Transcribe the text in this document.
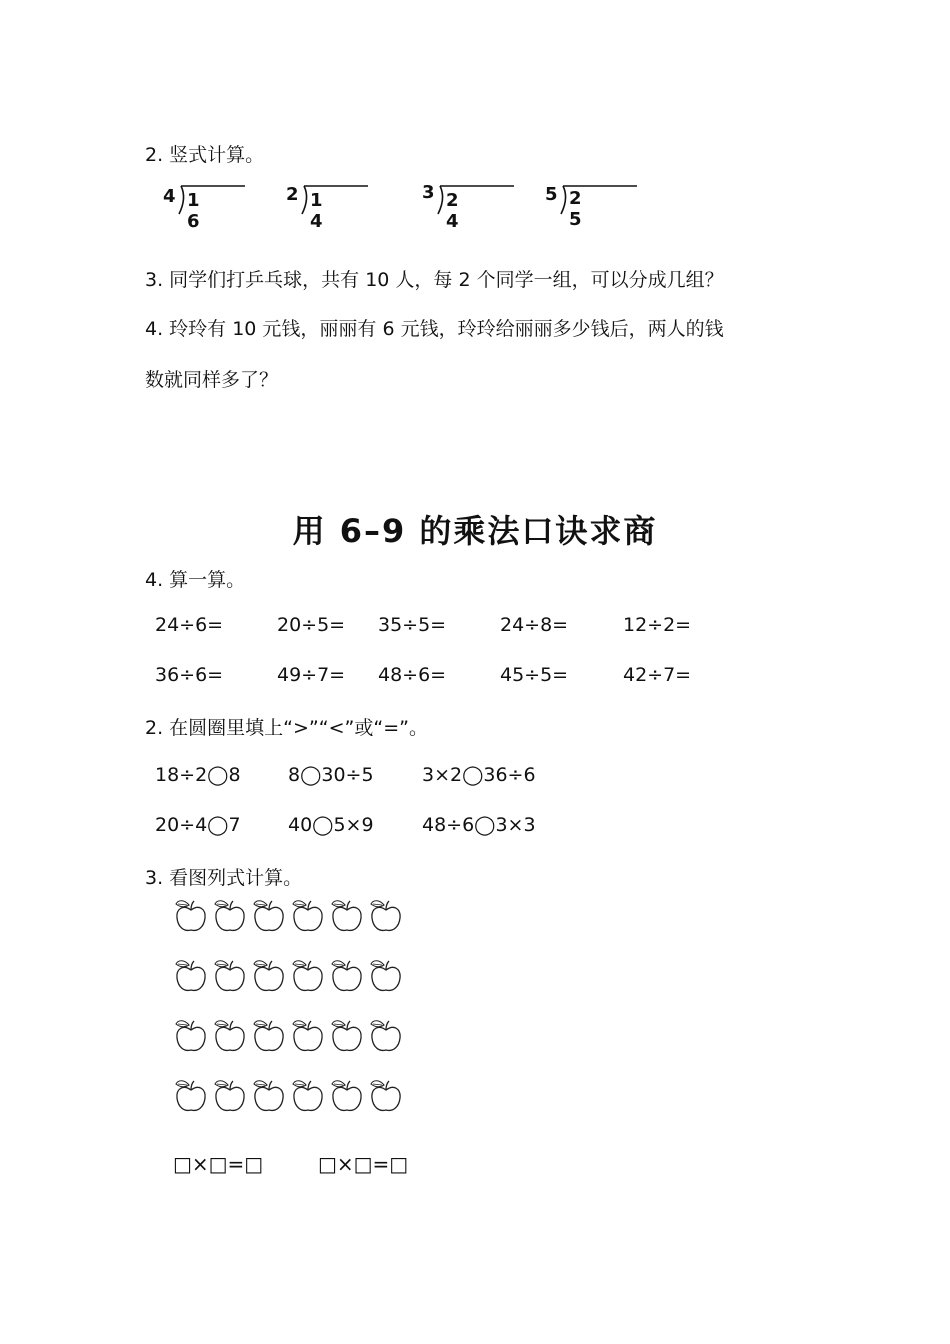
2. 竖式计算。
4 1 6
2 1 4
3 2 4
5 2 5
3. 同学们打乒乓球，共有 10 人，每 2 个同学一组，可以分成几组？
4. 玲玲有 10 元钱，丽丽有 6 元钱，玲玲给丽丽多少钱后，两人的钱
数就同样多了？
用 6–9 的乘法口诀求商
4. 算一算。
24÷6=	20÷5= 35÷5=	24÷8=	12÷2=
36÷6=	49÷7= 48÷6=	45÷5=	42÷7=
2. 在圆圈里填上“>”“<”或“=”。
18÷2◯8 8◯30÷5	3×2◯36÷6
20÷4◯7 40◯5×9	48÷6◯3×3
3. 看图列式计算。
□×□=□	□×□=□
